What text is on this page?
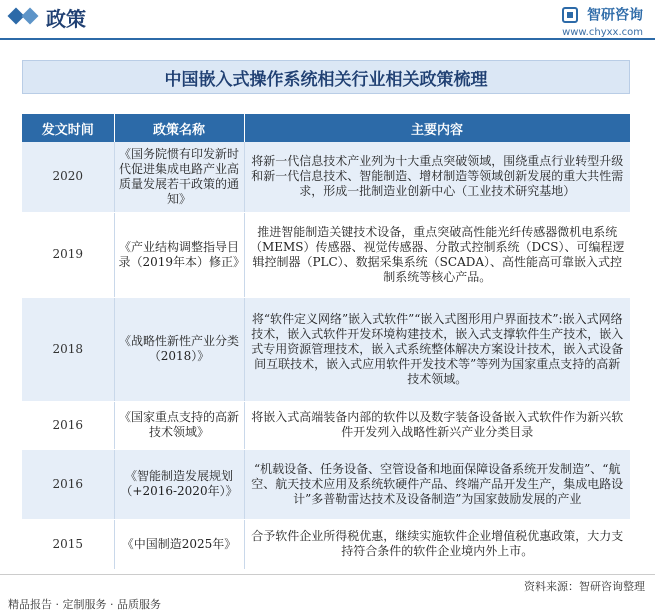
政策	智研咨询
www.chyxx.com
中国嵌入式操作系统相关行业相关政策梳理
发文时间	政策名称	主要内容
2020	《国务院惯有印发新时代促进集成电路产业高质量发展若干政策的通知》	将新一代信息技术产业列为十大重点突破领域，围绕重点行业转型升级和新一代信息技术、智能制造、增材制造等领域创新发展的重大共性需求，形成一批制造业创新中心（工业技术研究基地）
2019	《产业结构调整指导目录（2019年本）修正》	推进智能制造关键技术设备，重点突破高性能光纤传感器微机电系统（MEMS）传感器、视觉传感器、分散式控制系统（DCS）、可编程逻辑控制器（PLC）、数据采集系统（SCADA）、高性能高可靠嵌入式控制系统等核心产品。
2018	《战略性新性产业分类（2018）》	将“软件定义网络”嵌入式软件”“嵌入式图形用户界面技术”:嵌入式网络技术，嵌入式软件开发环境构建技术，嵌入式支撑软件生产技术，嵌入式专用资源管理技术，嵌入式系统整体解决方案设计技术，嵌入式设备间互联技术，嵌入式应用软件开发技术等”等列为国家重点支持的高新技术领域。
2016	《国家重点支持的高新技术领域》	将嵌入式高端装备内部的软件以及数字装备设备嵌入式软件作为新兴软件开发列入战略性新兴产业分类目录
2016	《智能制造发展规划（+2016-2020年）》	“机载设备、任务设备、空管设备和地面保障设备系统开发制造”、“航空、航天技术应用及系统软硬件产品、终端产品开发生产，集成电路设计”多普勒雷达技术及设备制造”为国家鼓励发展的产业
2015	《中国制造2025年》	合予软件企业所得税优惠，继续实施软件企业增值税优惠政策，大力支持符合条件的软件企业境内外上市。
资料来源：智研咨询整理
精品报告 · 定制服务 · 品质服务
